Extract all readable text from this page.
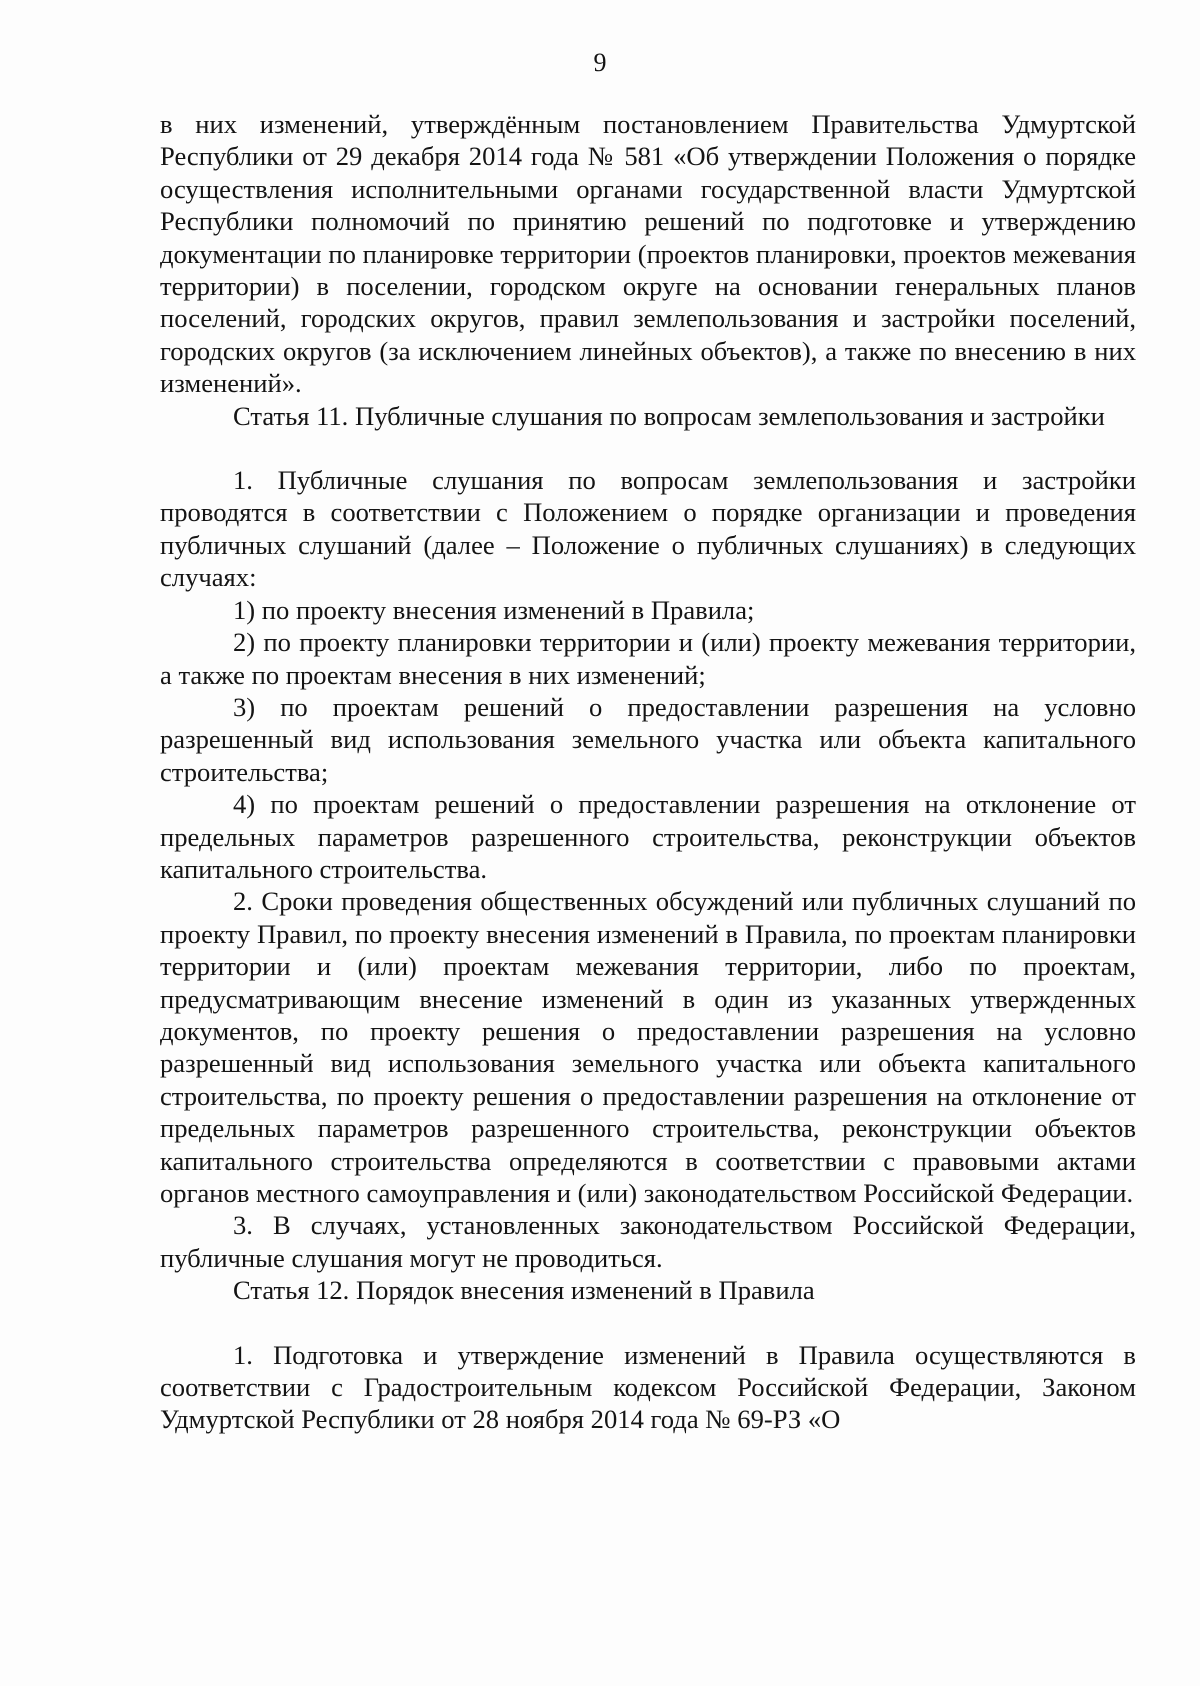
9

в них изменений, утверждённым постановлением Правительства Удмуртской Республики от 29 декабря 2014 года № 581 «Об утверждении Положения о порядке осуществления исполнительными органами государственной власти Удмуртской Республики полномочий по принятию решений по подготовке и утверждению документации по планировке территории (проектов планировки, проектов межевания территории) в поселении, городском округе на основании генеральных планов поселений, городских округов, правил землепользования и застройки поселений, городских округов (за исключением линейных объектов), а также по внесению в них изменений».

Статья 11. Публичные слушания по вопросам землепользования и застройки

1. Публичные слушания по вопросам землепользования и застройки проводятся в соответствии с Положением о порядке организации и проведения публичных слушаний (далее – Положение о публичных слушаниях) в следующих случаях:

1) по проекту внесения изменений в Правила;

2) по проекту планировки территории и (или) проекту межевания территории, а также по проектам внесения в них изменений;

3) по проектам решений о предоставлении разрешения на условно разрешенный вид использования земельного участка или объекта капитального строительства;

4) по проектам решений о предоставлении разрешения на отклонение от предельных параметров разрешенного строительства, реконструкции объектов капитального строительства.

2. Сроки проведения общественных обсуждений или публичных слушаний по проекту Правил, по проекту внесения изменений в Правила, по проектам планировки территории и (или) проектам межевания территории, либо по проектам, предусматривающим внесение изменений в один из указанных утвержденных документов, по проекту решения о предоставлении разрешения на условно разрешенный вид использования земельного участка или объекта капитального строительства, по проекту решения о предоставлении разрешения на отклонение от предельных параметров разрешенного строительства, реконструкции объектов капитального строительства определяются в соответствии с правовыми актами органов местного самоуправления и (или) законодательством Российской Федерации.

3. В случаях, установленных законодательством Российской Федерации, публичные слушания могут не проводиться.

Статья 12. Порядок внесения изменений в Правила

1. Подготовка и утверждение изменений в Правила осуществляются в соответствии с Градостроительным кодексом Российской Федерации, Законом Удмуртской Республики от 28 ноября 2014 года № 69-РЗ «О
